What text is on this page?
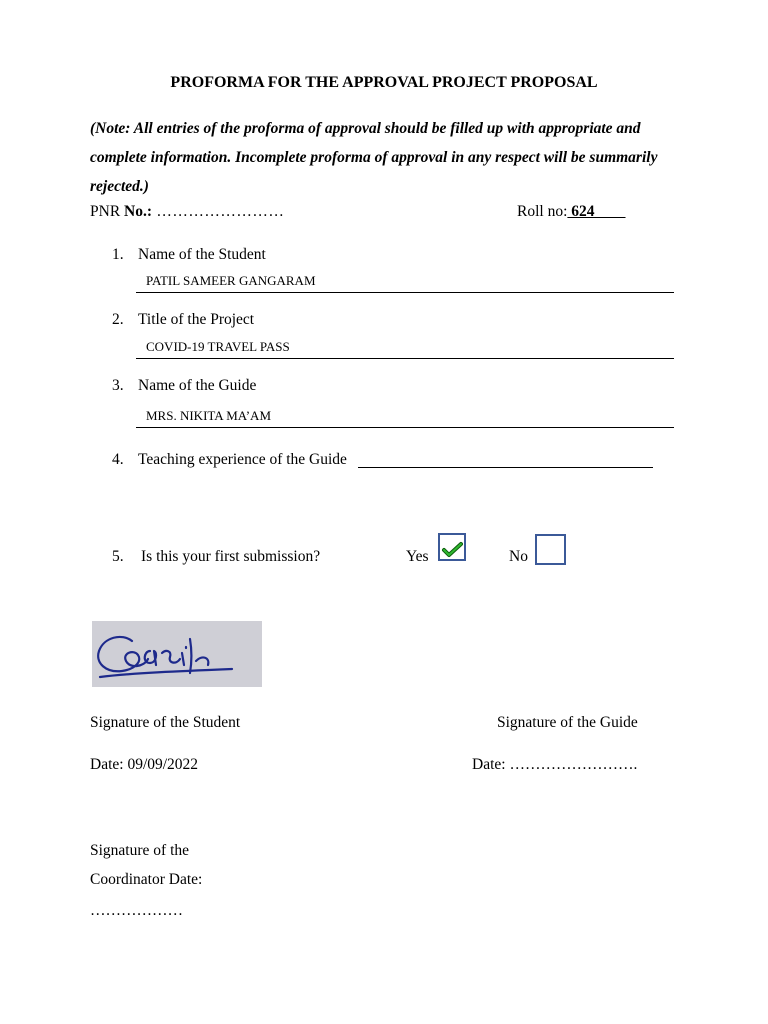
PROFORMA FOR THE APPROVAL PROJECT PROPOSAL
(Note: All entries of the proforma of approval should be filled up with appropriate and complete information. Incomplete proforma of approval in any respect will be summarily rejected.)
PNR No.: ……………………	Roll no: 624
1. Name of the Student
PATIL SAMEER GANGARAM
2. Title of the Project
COVID-19 TRAVEL PASS
3. Name of the Guide
MRS. NIKITA MA’AM
4. Teaching experience of the Guide
5. Is this your first submission?	Yes	No
Signature of the Student	Signature of the Guide
Date: 09/09/2022	Date: …………………….
Signature of the
Coordinator Date:
………………
